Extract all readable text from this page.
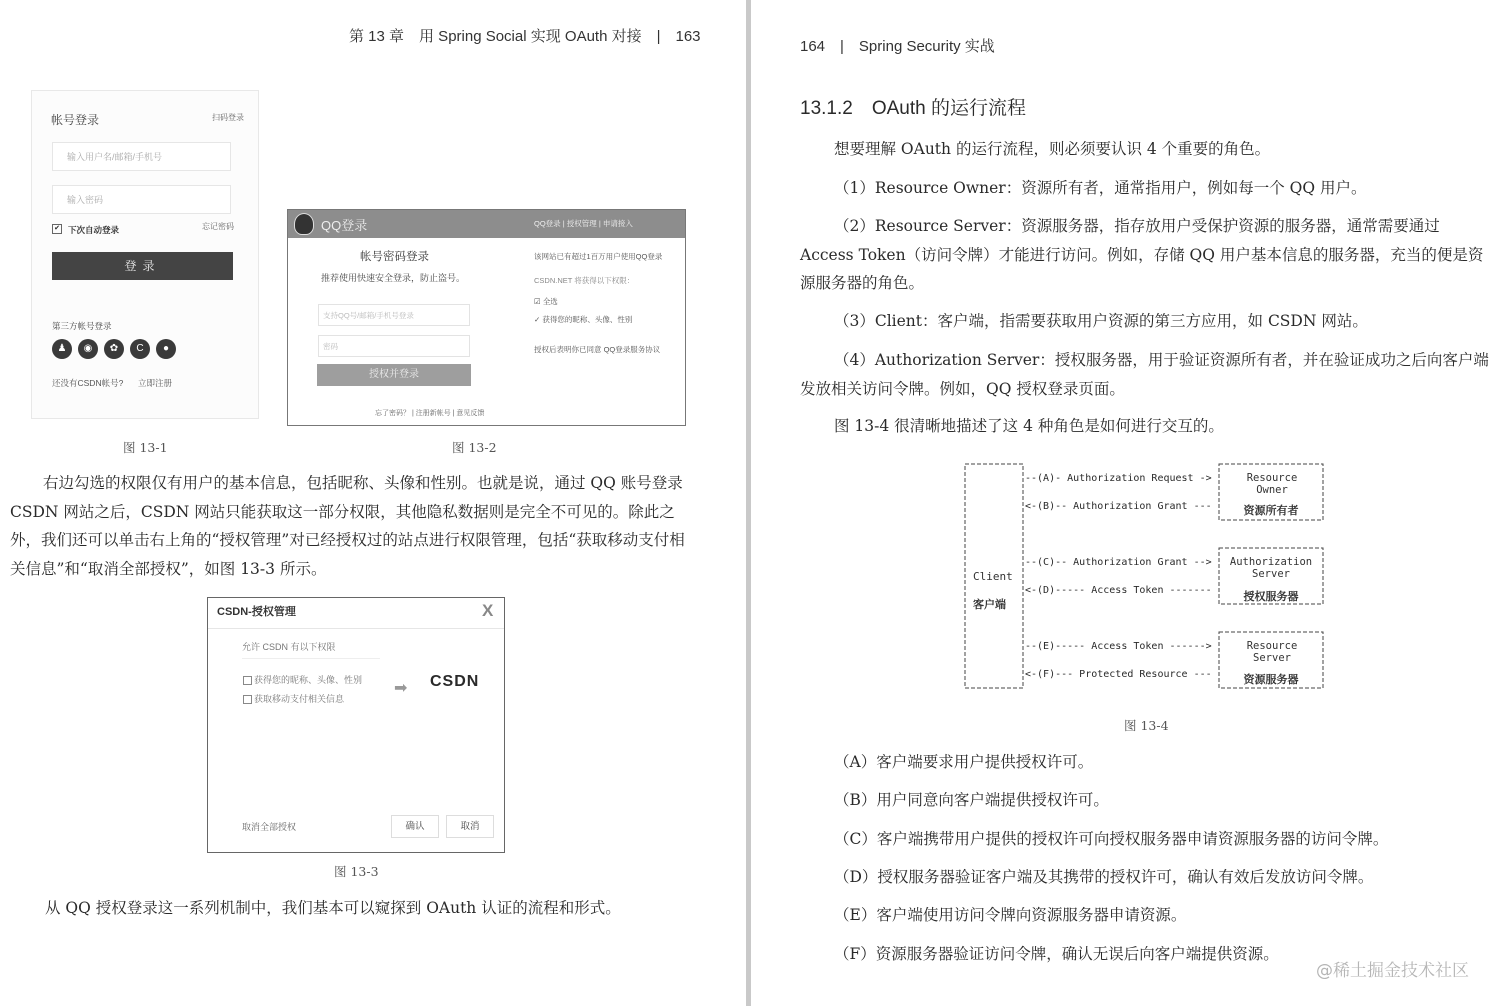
第 13 章　用 Spring Social 实现 OAuth 对接　|　163
帐号登录	扫码登录
输入用户名/邮箱/手机号
输入密码
✔ 下次自动登录	忘记密码
登录
第三方帐号登录
♟	◉	✿	C	●
还没有CSDN帐号? 立即注册
图 13-1
QQ登录	QQ登录 | 授权管理 | 申请接入
帐号密码登录
推荐使用快速安全登录，防止盗号。
支持QQ号/邮箱/手机号登录
密码
授权并登录
忘了密码？ | 注册新帐号 | 意见反馈
该网站已有超过1百万用户使用QQ登录
CSDN.NET 将获得以下权限：
☑ 全选
✓ 获得您的昵称、头像、性别
授权后表明你已同意 QQ登录服务协议
图 13-2
右边勾选的权限仅有用户的基本信息，包括昵称、头像和性别。也就是说，通过 QQ 账号登录 CSDN 网站之后，CSDN 网站只能获取这一部分权限，其他隐私数据则是完全不可见的。除此之外，我们还可以单击右上角的“授权管理”对已经授权过的站点进行权限管理，包括“获取移动支付相关信息”和“取消全部授权”，如图 13-3 所示。
CSDN-授权管理	X
允许 CSDN 有以下权限
获得您的昵称、头像、性别
获取移动支付相关信息
➡ CSDN
取消全部授权	确认	取消
图 13-3
从 QQ 授权登录这一系列机制中，我们基本可以窥探到 OAuth 认证的流程和形式。
164　|　Spring Security 实战
13.1.2　OAuth 的运行流程
想要理解 OAuth 的运行流程，则必须要认识 4 个重要的角色。
（1）Resource Owner：资源所有者，通常指用户，例如每一个 QQ 用户。
（2）Resource Server：资源服务器，指存放用户受保护资源的服务器，通常需要通过 Access Token（访问令牌）才能进行访问。例如，存储 QQ 用户基本信息的服务器，充当的便是资源服务器的角色。
（3）Client：客户端，指需要获取用户资源的第三方应用，如 CSDN 网站。
（4）Authorization Server：授权服务器，用于验证资源所有者，并在验证成功之后向客户端发放相关访问令牌。例如，QQ 授权登录页面。
图 13-4 很清晰地描述了这 4 种角色是如何进行交互的。
Client
客户端
Resource Owner
资源所有者
Authorization Server
授权服务器
Resource Server
资源服务器
--(A)- Authorization Request ->
<-(B)-- Authorization Grant ---
--(C)-- Authorization Grant -->
<-(D)----- Access Token -------
--(E)----- Access Token ------>
<-(F)--- Protected Resource ---
图 13-4
（A）客户端要求用户提供授权许可。
（B）用户同意向客户端提供授权许可。
（C）客户端携带用户提供的授权许可向授权服务器申请资源服务器的访问令牌。
（D）授权服务器验证客户端及其携带的授权许可，确认有效后发放访问令牌。
（E）客户端使用访问令牌向资源服务器申请资源。
（F）资源服务器验证访问令牌，确认无误后向客户端提供资源。
@稀土掘金技术社区
